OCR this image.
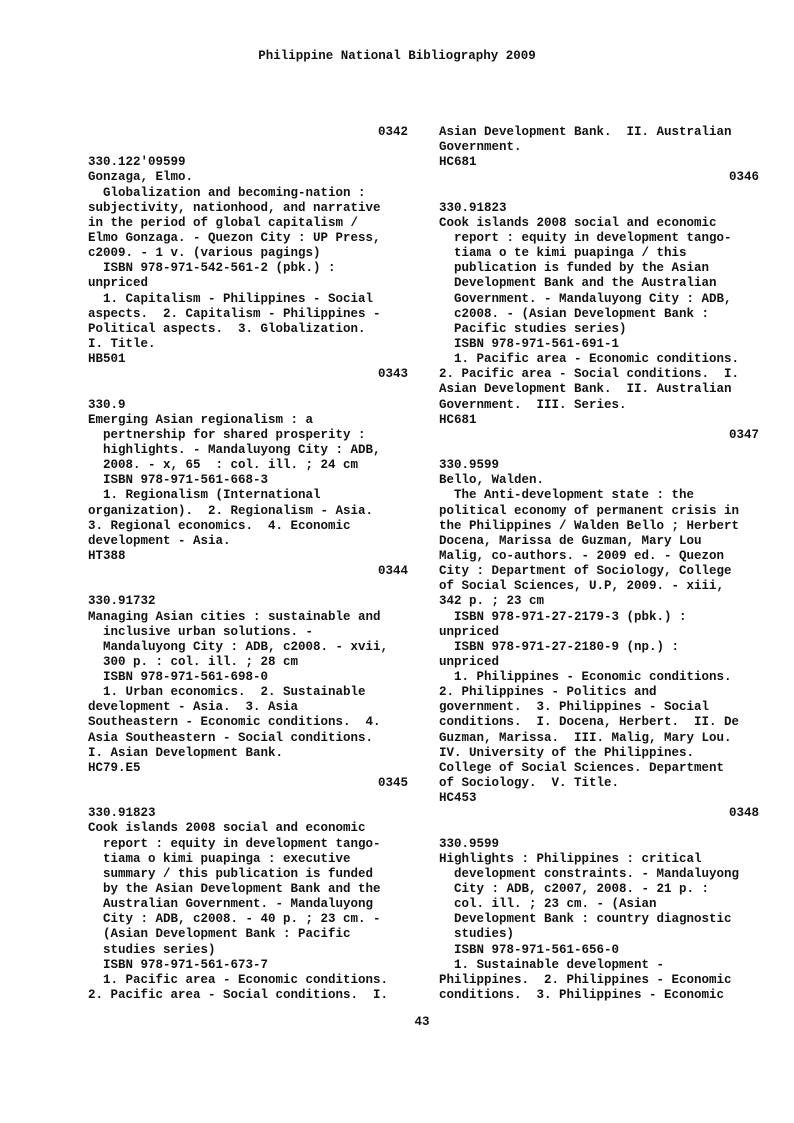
Philippine National Bibliography 2009
0342
330.122'09599
Gonzaga, Elmo.
Globalization and becoming-nation :
subjectivity, nationhood, and narrative
in the period of global capitalism /
Elmo Gonzaga. - Quezon City : UP Press,
c2009. - 1 v. (various pagings)
ISBN 978-971-542-561-2 (pbk.) :
unpriced
1. Capitalism - Philippines - Social
aspects.  2. Capitalism - Philippines -
Political aspects.  3. Globalization.
I. Title.
HB501
0343
330.9
Emerging Asian regionalism : a
pertnership for shared prosperity :
highlights. - Mandaluyong City : ADB,
2008. - x, 65  : col. ill. ; 24 cm
ISBN 978-971-561-668-3
1. Regionalism (International
organization).  2. Regionalism - Asia.
3. Regional economics.  4. Economic
development - Asia.
HT388
0344
330.91732
Managing Asian cities : sustainable and
inclusive urban solutions. -
Mandaluyong City : ADB, c2008. - xvii,
300 p. : col. ill. ; 28 cm
ISBN 978-971-561-698-0
1. Urban economics.  2. Sustainable
development - Asia.  3. Asia
Southeastern - Economic conditions.  4.
Asia Southeastern - Social conditions.
I. Asian Development Bank.
HC79.E5
0345
330.91823
Cook islands 2008 social and economic
report : equity in development tango-
tiama o kimi puapinga : executive
summary / this publication is funded
by the Asian Development Bank and the
Australian Government. - Mandaluyong
City : ADB, c2008. - 40 p. ; 23 cm. -
(Asian Development Bank : Pacific
studies series)
ISBN 978-971-561-673-7
1. Pacific area - Economic conditions.
2. Pacific area - Social conditions.  I.
Asian Development Bank.  II. Australian
Government.
HC681
0346
330.91823
Cook islands 2008 social and economic
report : equity in development tango-
tiama o te kimi puapinga / this
publication is funded by the Asian
Development Bank and the Australian
Government. - Mandaluyong City : ADB,
c2008. - (Asian Development Bank :
Pacific studies series)
ISBN 978-971-561-691-1
1. Pacific area - Economic conditions.
2. Pacific area - Social conditions.  I.
Asian Development Bank.  II. Australian
Government.  III. Series.
HC681
0347
330.9599
Bello, Walden.
The Anti-development state : the
political economy of permanent crisis in
the Philippines / Walden Bello ; Herbert
Docena, Marissa de Guzman, Mary Lou
Malig, co-authors. - 2009 ed. - Quezon
City : Department of Sociology, College
of Social Sciences, U.P, 2009. - xiii,
342 p. ; 23 cm
ISBN 978-971-27-2179-3 (pbk.) :
unpriced
ISBN 978-971-27-2180-9 (np.) :
unpriced
1. Philippines - Economic conditions.
2. Philippines - Politics and
government.  3. Philippines - Social
conditions.  I. Docena, Herbert.  II. De
Guzman, Marissa.  III. Malig, Mary Lou.
IV. University of the Philippines.
College of Social Sciences. Department
of Sociology.  V. Title.
HC453
0348
330.9599
Highlights : Philippines : critical
development constraints. - Mandaluyong
City : ADB, c2007, 2008. - 21 p. :
col. ill. ; 23 cm. - (Asian
Development Bank : country diagnostic
studies)
ISBN 978-971-561-656-0
1. Sustainable development -
Philippines.  2. Philippines - Economic
conditions.  3. Philippines - Economic
43
